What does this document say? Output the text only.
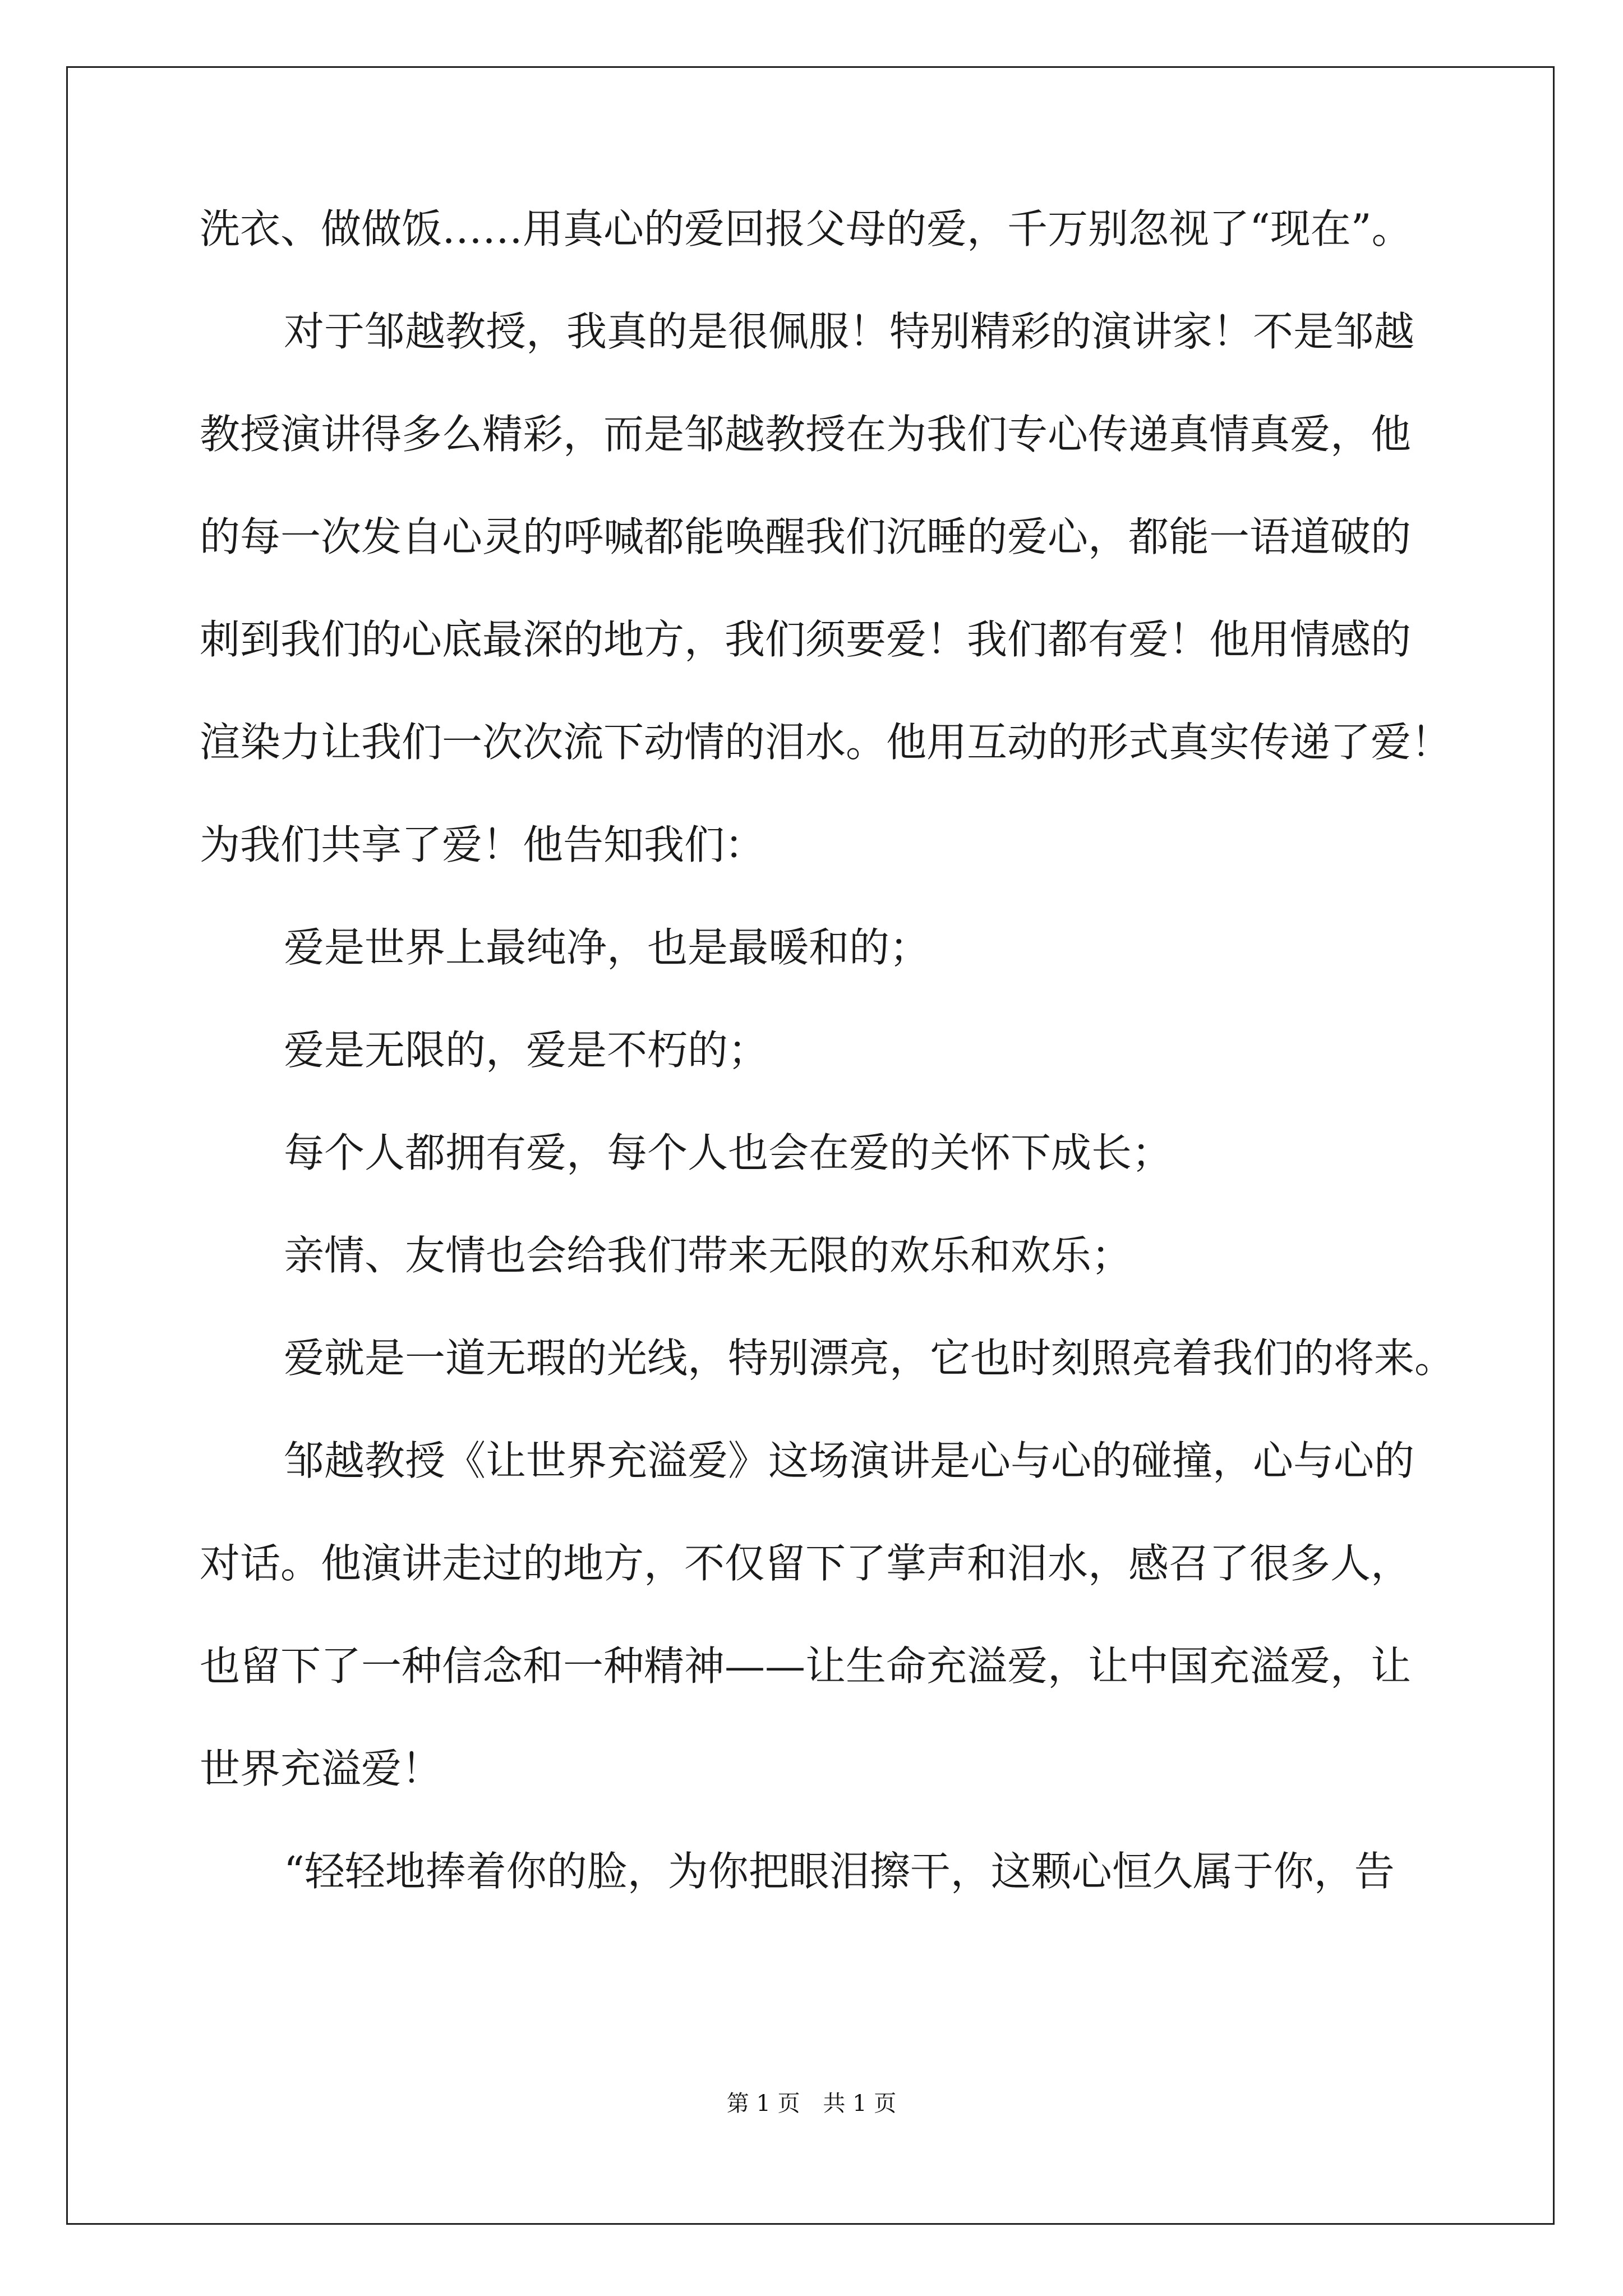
洗衣、做做饭……用真心的爱回报父母的爱，千万别忽视了“现在”。
对于邹越教授，我真的是很佩服！特别精彩的演讲家！不是邹越
教授演讲得多么精彩，而是邹越教授在为我们专心传递真情真爱，他
的每一次发自心灵的呼喊都能唤醒我们沉睡的爱心，都能一语道破的
刺到我们的心底最深的地方，我们须要爱！我们都有爱！他用情感的
渲染力让我们一次次流下动情的泪水。他用互动的形式真实传递了爱！
为我们共享了爱！他告知我们：
爱是世界上最纯净，也是最暖和的；
爱是无限的，爱是不朽的；
每个人都拥有爱，每个人也会在爱的关怀下成长；
亲情、友情也会给我们带来无限的欢乐和欢乐；
爱就是一道无瑕的光线，特别漂亮，它也时刻照亮着我们的将来。
邹越教授《让世界充溢爱》这场演讲是心与心的碰撞，心与心的
对话。他演讲走过的地方，不仅留下了掌声和泪水，感召了很多人，
也留下了一种信念和一种精神——让生命充溢爱，让中国充溢爱，让
世界充溢爱！
“轻轻地捧着你的脸，为你把眼泪擦干，这颗心恒久属于你，告
第 1 页 共 1 页
